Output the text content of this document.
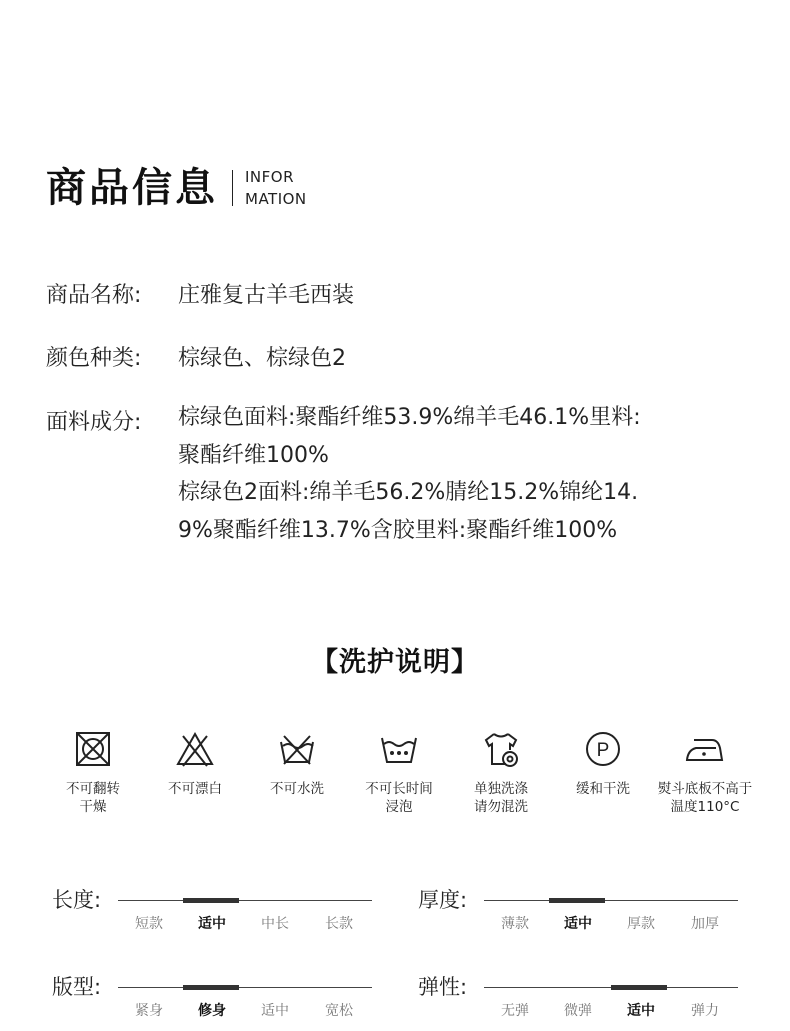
商品信息 INFOR
MATION
商品名称:	庄雅复古羊毛西装
颜色种类:	棕绿色、棕绿色2
面料成分:	棕绿色面料:聚酯纤维53.9%绵羊毛46.1%里料:
聚酯纤维100%
棕绿色2面料:绵羊毛56.2%腈纶15.2%锦纶14.
9%聚酯纤维13.7%含胶里料:聚酯纤维100%
【洗护说明】
不可翻转
干燥
不可漂白	不可水洗	不可长时间
浸泡
单独洗涤
请勿混洗
P
缓和干洗 熨斗底板不高于
温度110°C
长度:
短款	适中	中长	长款
厚度:
薄款	适中	厚款	加厚
版型:
紧身	修身	适中	宽松
弹性:
无弹	微弹	适中	弹力
